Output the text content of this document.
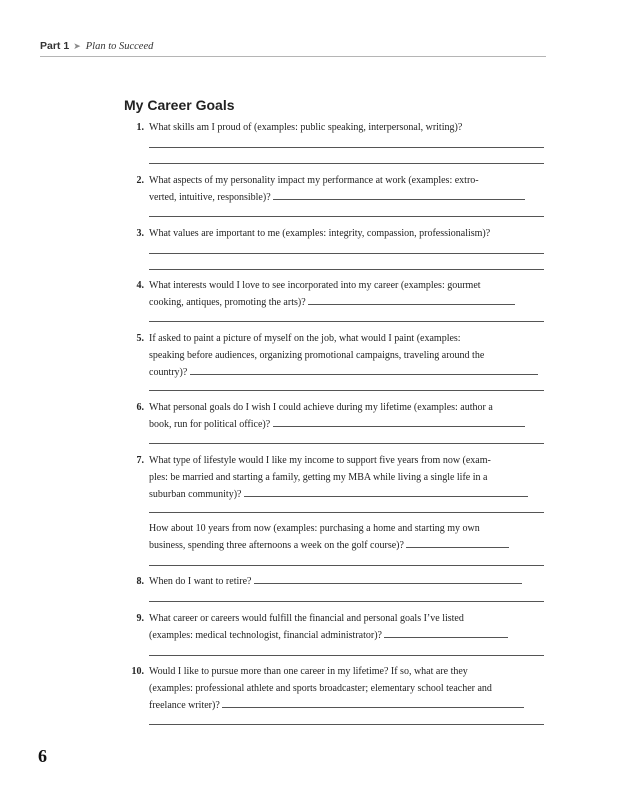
Part 1 ➤ Plan to Succeed
My Career Goals
1. What skills am I proud of (examples: public speaking, interpersonal, writing)?

2. What aspects of my personality impact my performance at work (examples: extro-

verted, intuitive, responsible)?

3. What values are important to me (examples: integrity, compassion, professionalism)?

4. What interests would I love to see incorporated into my career (examples: gourmet

cooking, antiques, promoting the arts)?

5. If asked to paint a picture of myself on the job, what would I paint (examples:

speaking before audiences, organizing promotional campaigns, traveling around the

country)?

6. What personal goals do I wish I could achieve during my lifetime (examples: author a

book, run for political office)?

7. What type of lifestyle would I like my income to support five years from now (exam-

ples: be married and starting a family, getting my MBA while living a single life in a

suburban community)?

How about 10 years from now (examples: purchasing a home and starting my own

business, spending three afternoons a week on the golf course)?

8. When do I want to retire?

9. What career or careers would fulfill the financial and personal goals I’ve listed

(examples: medical technologist, financial administrator)?

10. Would I like to pursue more than one career in my lifetime? If so, what are they

(examples: professional athlete and sports broadcaster; elementary school teacher and

freelance writer)?

6
